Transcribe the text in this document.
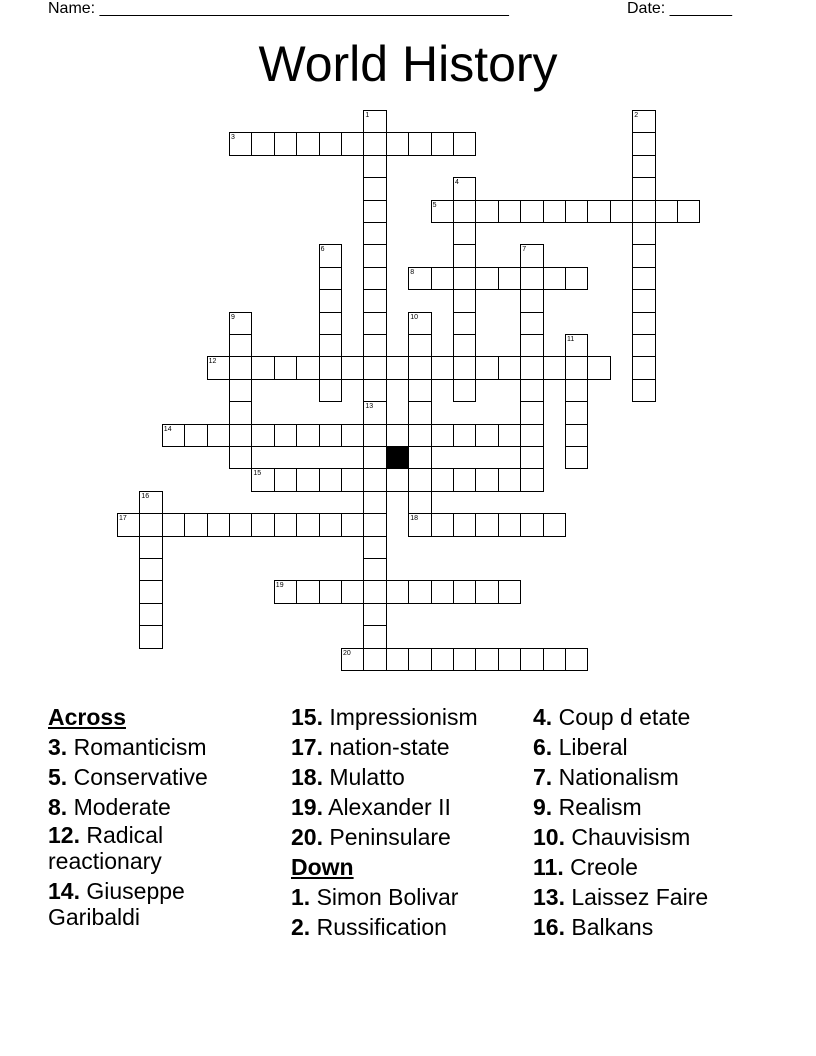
Name: ______________________________________________	Date: _______
World History
1
13
2
3
4
5
6	7
8
9	10
18
11
12
14
15
16
17
19
20
Across
3. Romanticism
5. Conservative
8. Moderate
12. Radical reactionary
14. Giuseppe Garibaldi
15. Impressionism
17. nation-state
18. Mulatto
19. Alexander II
20. Peninsulare
Down
1. Simon Bolivar
2. Russification
4. Coup d etate
6. Liberal
7. Nationalism
9. Realism
10. Chauvisism
11. Creole
13. Laissez Faire
16. Balkans
